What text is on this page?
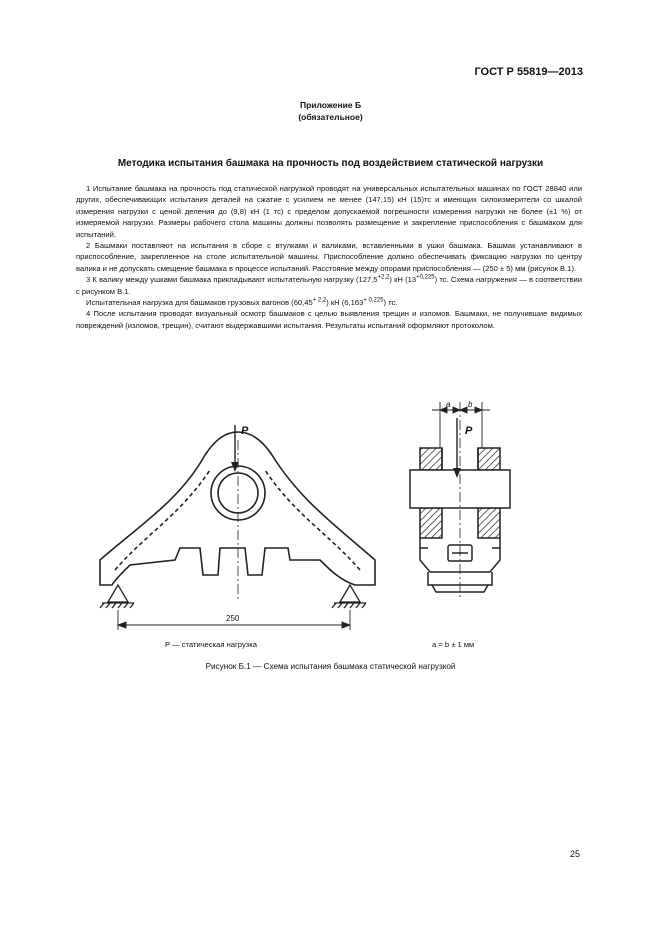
ГОСТ Р 55819—2013
Приложение Б
(обязательное)
Методика испытания башмака на прочность под воздействием статической нагрузки

1 Испытание башмака на прочность под статической нагрузкой проводят на универсальных испытательных машинах по ГОСТ 28840 или других, обеспечивающих испытания деталей на сжатие с усилием не менее (147,15) кН (15)тс и имеющих силоизмерители со шкалой измерения нагрузки с ценой деления до (9,8) кН (1 тс) с пределом допускаемой погрешности измерения нагрузки не более (±1 %) от измеряемой нагрузки. Размеры рабочего стола машины должны позволять размещение и закрепление приспособления с башмаком для испытаний.

2 Башмаки поставляют на испытания в сборе с втулками и валиками, вставленными в ушки башмака. Башмак устанавливают в приспособление, закрепленное на столе испытательной машины. Приспособление должно обеспечивать фиксацию нагрузки по центру валика и не допускать смещение башмака в процессе испытаний. Расстояние между опорами приспособления — (250 ± 5) мм (рисунок В.1).

3 К валику между ушками башмака прикладывают испытательную нагрузку $(127,5^{+2,2})$ кН $(13^{+0,225})$ тс. Схема нагружения — в соответствии с рисунком В.1.

Испытательная нагрузка для башмаков грузовых вагонов $(60,45^{+ 2,2})$ кН $(6,163^{+ 0,225})$ тс.

4 После испытания проводят визуальный осмотр башмаков с целью выявления трещин и изломов. Башмаки, не получившие видимых повреждений (изломов, трещин), считают выдержавшими испытания. Результаты испытаний оформляют протоколом.

P
250
P
a b
P — статическая нагрузка	a = b ± 1 мм
Рисунок Б.1 — Схема испытания башмака статической нагрузкой
25
